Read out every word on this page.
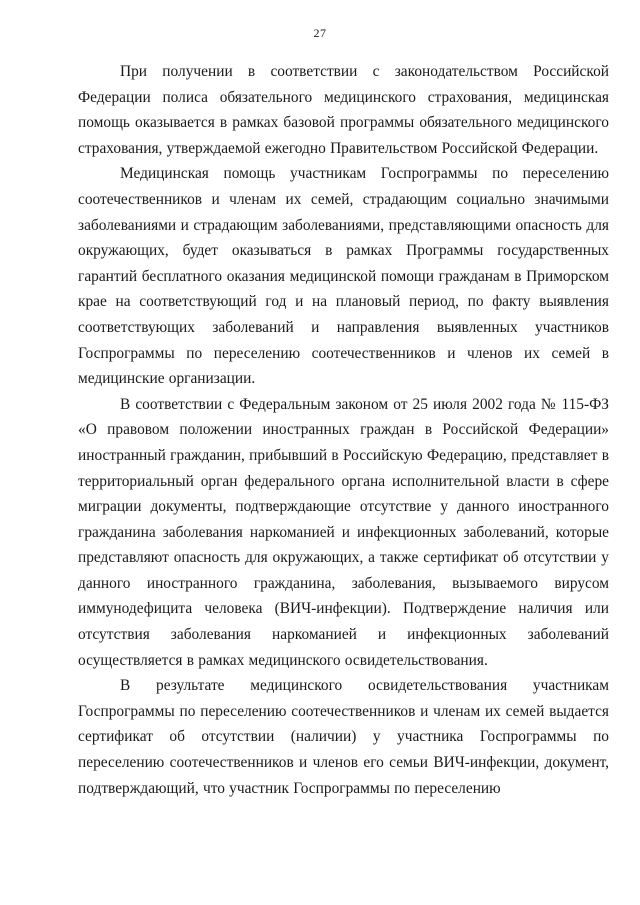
27

При получении в соответствии с законодательством Российской Федерации полиса обязательного медицинского страхования, медицинская помощь оказывается в рамках базовой программы обязательного медицинского страхования, утверждаемой ежегодно Правительством Российской Федерации.

Медицинская помощь участникам Госпрограммы по переселению соотечественников и членам их семей, страдающим социально значимыми заболеваниями и страдающим заболеваниями, представляющими опасность для окружающих, будет оказываться в рамках Программы государственных гарантий бесплатного оказания медицинской помощи гражданам в Приморском крае на соответствующий год и на плановый период, по факту выявления соответствующих заболеваний и направления выявленных участников Госпрограммы по переселению соотечественников и членов их семей в медицинские организации.

В соответствии с Федеральным законом от 25 июля 2002 года № 115-ФЗ «О правовом положении иностранных граждан в Российской Федерации» иностранный гражданин, прибывший в Российскую Федерацию, представляет в территориальный орган федерального органа исполнительной власти в сфере миграции документы, подтверждающие отсутствие у данного иностранного гражданина заболевания наркоманией и инфекционных заболеваний, которые представляют опасность для окружающих, а также сертификат об отсутствии у данного иностранного гражданина, заболевания, вызываемого вирусом иммунодефицита человека (ВИЧ-инфекции). Подтверждение наличия или отсутствия заболевания наркоманией и инфекционных заболеваний осуществляется в рамках медицинского освидетельствования.

В результате медицинского освидетельствования участникам Госпрограммы по переселению соотечественников и членам их семей выдается сертификат об отсутствии (наличии) у участника Госпрограммы по переселению соотечественников и членов его семьи ВИЧ-инфекции, документ, подтверждающий, что участник Госпрограммы по переселению
